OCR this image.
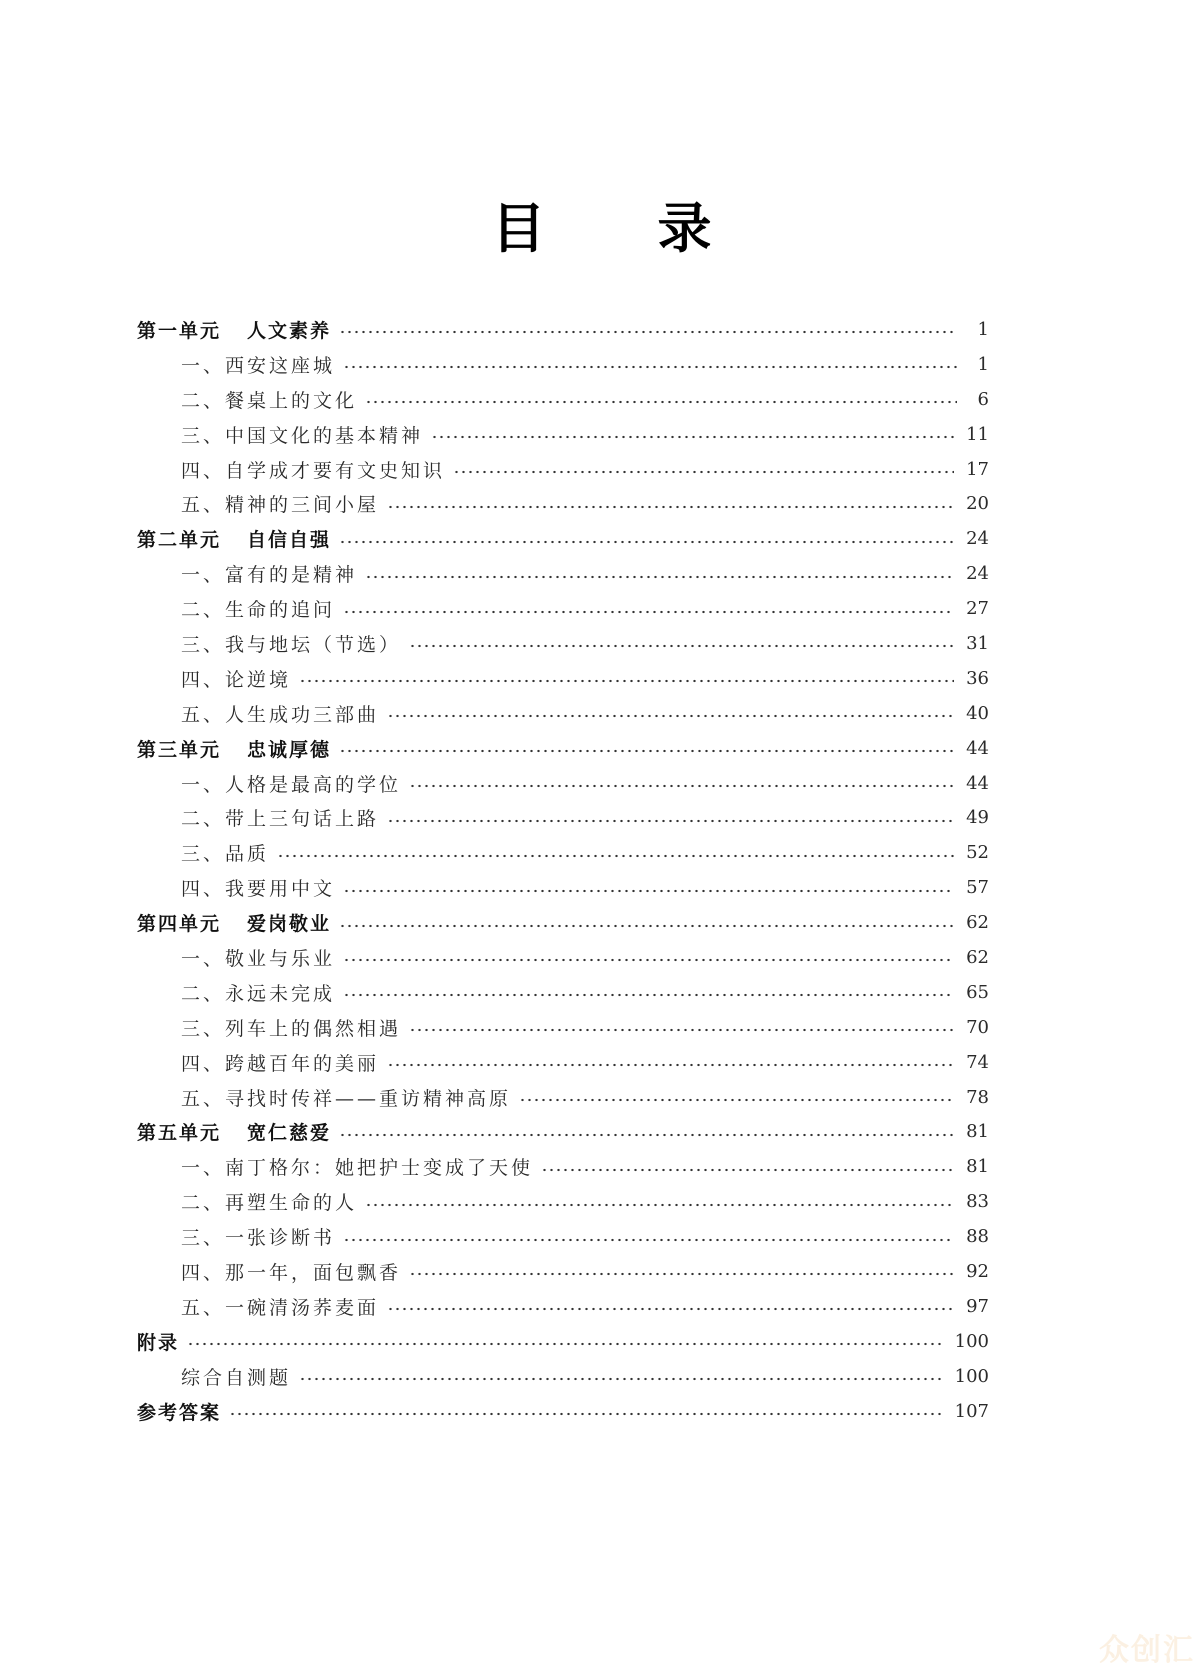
目 录
第一单元 人文素养	1
一、西安这座城	1
二、餐桌上的文化	6
三、中国文化的基本精神	11
四、自学成才要有文史知识	17
五、精神的三间小屋	20
第二单元 自信自强	24
一、富有的是精神	24
二、生命的追问	27
三、我与地坛（节选）	31
四、论逆境	36
五、人生成功三部曲	40
第三单元 忠诚厚德	44
一、人格是最高的学位	44
二、带上三句话上路	49
三、品质	52
四、我要用中文	57
第四单元 爱岗敬业	62
一、敬业与乐业	62
二、永远未完成	65
三、列车上的偶然相遇	70
四、跨越百年的美丽	74
五、寻找时传祥——重访精神高原	78
第五单元 宽仁慈爱	81
一、南丁格尔：她把护士变成了天使	81
二、再塑生命的人	83
三、一张诊断书	88
四、那一年，面包飘香	92
五、一碗清汤荞麦面	97
附录	100
综合自测题	100
参考答案	107
众创汇
